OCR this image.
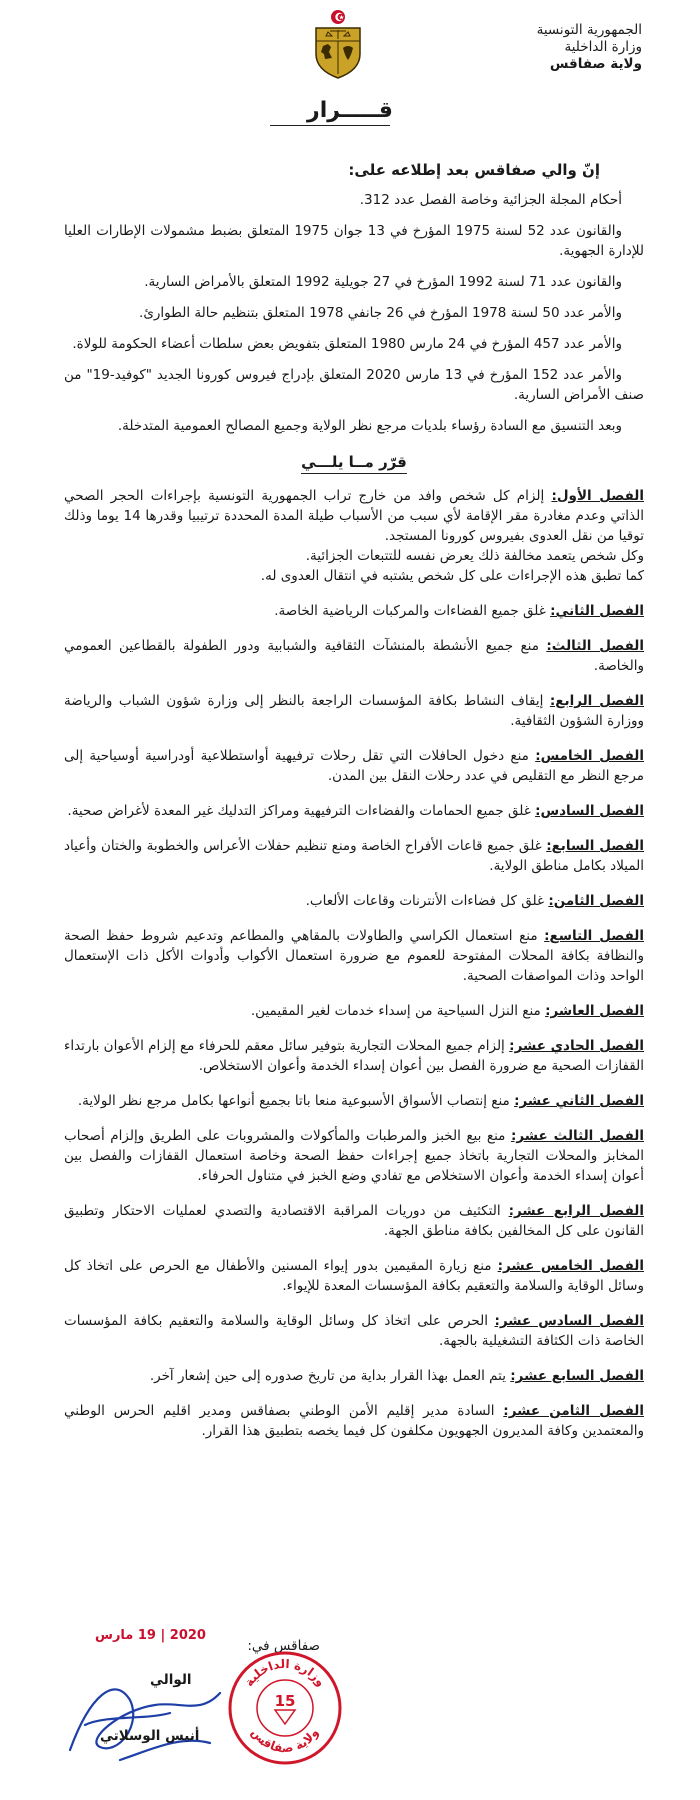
الجمهورية التونسية
وزارة الداخلية
ولاية صفاقس
قـــــرار
إنّ والي صفاقس بعد إطلاعه على:
أحكام المجلة الجزائية وخاصة الفصل عدد 312.
والقانون عدد 52 لسنة 1975 المؤرخ في 13 جوان 1975 المتعلق بضبط مشمولات الإطارات العليا للإدارة الجهوية.
والقانون عدد 71 لسنة 1992 المؤرخ في 27 جويلية 1992 المتعلق بالأمراض السارية.
والأمر عدد 50 لسنة 1978 المؤرخ في 26 جانفي 1978 المتعلق بتنظيم حالة الطوارئ.
والأمر عدد 457 المؤرخ في 24 مارس 1980 المتعلق بتفويض بعض سلطات أعضاء الحكومة للولاة.
والأمر عدد 152 المؤرخ في 13 مارس 2020 المتعلق بإدراج فيروس كورونا الجديد "كوفيد-19" من صنف الأمراض السارية.
وبعد التنسيق مع السادة رؤساء بلديات مرجع نظر الولاية وجميع المصالح العمومية المتدخلة.
قرّر مــا يلـــي
الفصل الأول: إلزام كل شخص وافد من خارج تراب الجمهورية التونسية بإجراءات الحجر الصحي الذاتي وعدم مغادرة مقر الإقامة لأي سبب من الأسباب طيلة المدة المحددة ترتيبيا وقدرها 14 يوما وذلك توقيا من نقل العدوى بفيروس كورونا المستجد.
وكل شخص يتعمد مخالفة ذلك يعرض نفسه للتتبعات الجزائية.
كما تطبق هذه الإجراءات على كل شخص يشتبه في انتقال العدوى له.
الفصل الثاني: غلق جميع الفضاءات والمركبات الرياضية الخاصة.
الفصل الثالث: منع جميع الأنشطة بالمنشآت الثقافية والشبابية ودور الطفولة بالقطاعين العمومي والخاصة.
الفصل الرابع: إيقاف النشاط بكافة المؤسسات الراجعة بالنظر إلى وزارة شؤون الشباب والرياضة ووزارة الشؤون الثقافية.
الفصل الخامس: منع دخول الحافلات التي تقل رحلات ترفيهية أواستطلاعية أودراسية أوسياحية إلى مرجع النظر مع التقليص في عدد رحلات النقل بين المدن.
الفصل السادس: غلق جميع الحمامات والفضاءات الترفيهية ومراكز التدليك غير المعدة لأغراض صحية.
الفصل السابع: غلق جميع قاعات الأفراح الخاصة ومنع تنظيم حفلات الأعراس والخطوبة والختان وأعياد الميلاد بكامل مناطق الولاية.
الفصل الثامن: غلق كل فضاءات الأنترنات وقاعات الألعاب.
الفصل التاسع: منع استعمال الكراسي والطاولات بالمقاهي والمطاعم وتدعيم شروط حفظ الصحة والنظافة بكافة المحلات المفتوحة للعموم مع ضرورة استعمال الأكواب وأدوات الأكل ذات الإستعمال الواحد وذات المواصفات الصحية.
الفصل العاشر: منع النزل السياحية من إسداء خدمات لغير المقيمين.
الفصل الحادي عشر: إلزام جميع المحلات التجارية بتوفير سائل معقم للحرفاء مع إلزام الأعوان بارتداء القفازات الصحية مع ضرورة الفصل بين أعوان إسداء الخدمة وأعوان الاستخلاص.
الفصل الثاني عشر: منع إنتصاب الأسواق الأسبوعية منعا باتا بجميع أنواعها بكامل مرجع نظر الولاية.
الفصل الثالث عشر: منع بيع الخبز والمرطبات والمأكولات والمشروبات على الطريق وإلزام أصحاب المخابز والمحلات التجارية باتخاذ جميع إجراءات حفظ الصحة وخاصة استعمال القفازات والفصل بين أعوان إسداء الخدمة وأعوان الاستخلاص مع تفادي وضع الخبز في متناول الحرفاء.
الفصل الرابع عشر: التكثيف من دوريات المراقبة الاقتصادية والتصدي لعمليات الاحتكار وتطبيق القانون على كل المخالفين بكافة مناطق الجهة.
الفصل الخامس عشر: منع زيارة المقيمين بدور إيواء المسنين والأطفال مع الحرص على اتخاذ كل وسائل الوقاية والسلامة والتعقيم بكافة المؤسسات المعدة للإيواء.
الفصل السادس عشر: الحرص على اتخاذ كل وسائل الوقاية والسلامة والتعقيم بكافة المؤسسات الخاصة ذات الكثافة التشغيلية بالجهة.
الفصل السابع عشر: يتم العمل بهذا القرار بداية من تاريخ صدوره إلى حين إشعار آخر.
الفصل الثامن عشر: السادة مدير إقليم الأمن الوطني بصفاقس ومدير اقليم الحرس الوطني والمعتمدين وكافة المديرون الجهويون مكلفون كل فيما يخصه بتطبيق هذا القرار.
صفاقس في:
2020 | 19 مارس
وزارة الداخلية
ولاية صفاقس
15
الوالي
أنيس الوسلاتي
